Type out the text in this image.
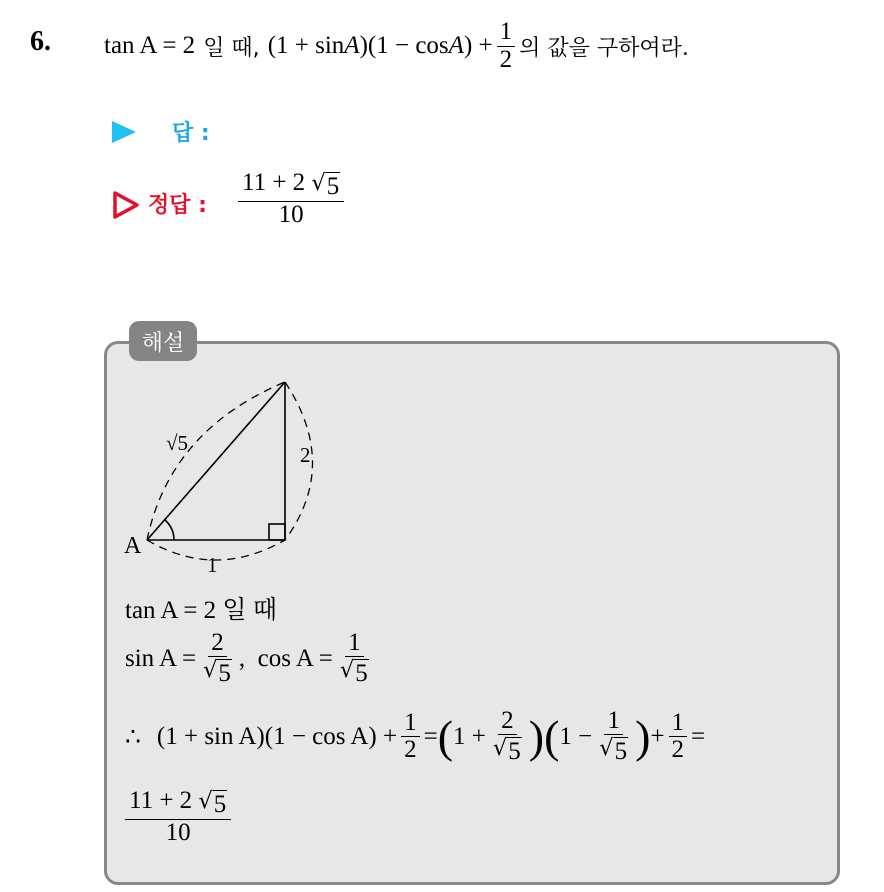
6. tan A = 2 일 때, $(1 + \sin A)(1 - \cos A) + \frac{1}{2}$ 의 값을 구하여라.
답 :
정답 : $\frac{11 + 2 √ 5}{10}$
해설
A
√5
1
2
tan A = 2 일 때
$\sin A = \frac{2}{√ 5}$ , $\cos A = \frac{1}{√ 5}$
∴ $(1 + \sin A)(1 - \cos A) + \frac{1}{2}$ = ( $1 + \frac{2}{√ 5}$ ) ( $1 - \frac{1}{√ 5}$ ) + $\frac{1}{2}$ =
$\frac{11 + 2 √ 5}{10}$
